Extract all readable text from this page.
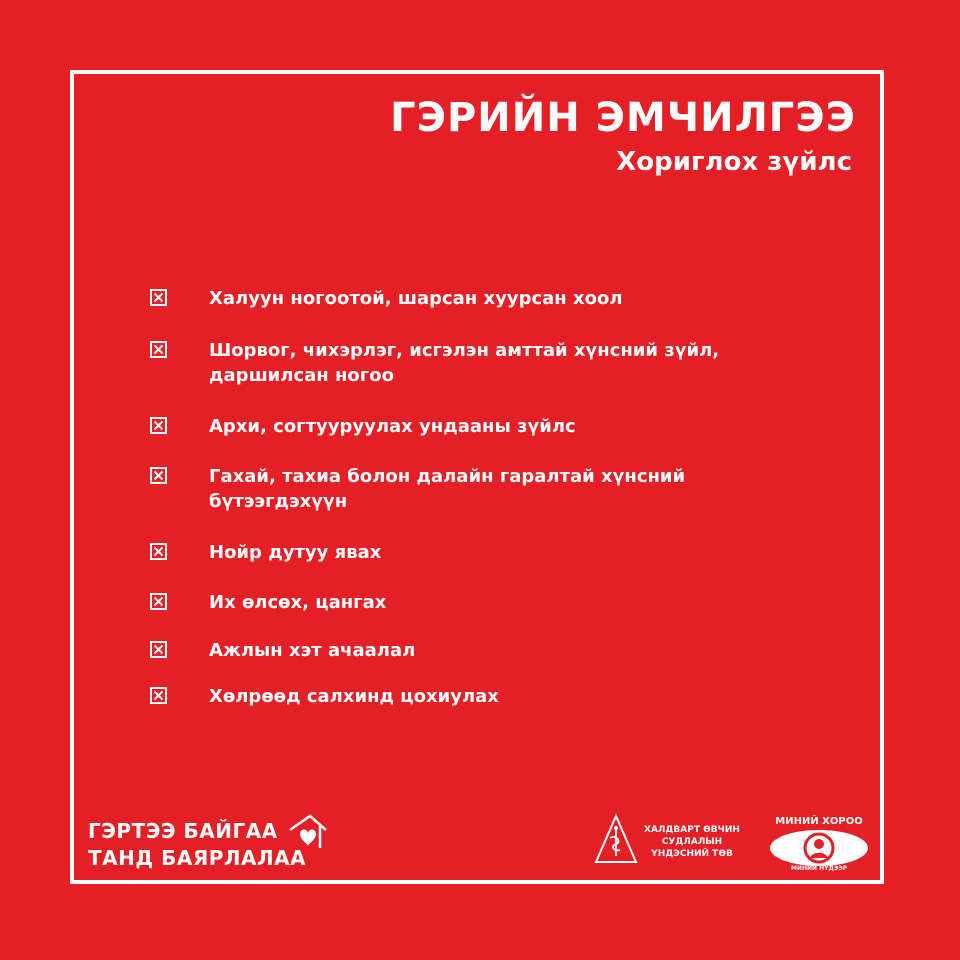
ГЭРИЙН ЭМЧИЛГЭЭ
Хориглох зүйлс
Халуун ногоотой, шарсан хуурсан хоол
Шорвог, чихэрлэг, исгэлэн амттай хүнсний зүйл, даршилсан ногоо
Архи, согтууруулах ундааны зүйлс
Гахай, тахиа болон далайн гаралтай хүнсний бүтээгдэхүүн
Нойр дутуу явах
Их өлсөх, цангах
Ажлын хэт ачаалал
Хөлрөөд салхинд цохиулах
ГЭРТЭЭ БАЙГАА
ТАНД БАЯРЛАЛАА
ХАЛДВАРТ ӨВЧИН СУДЛАЛЫН ҮНДЭСНИЙ ТӨВ
МИНИЙ ХОРОО
МИНИЙ НҮДЭЭР
